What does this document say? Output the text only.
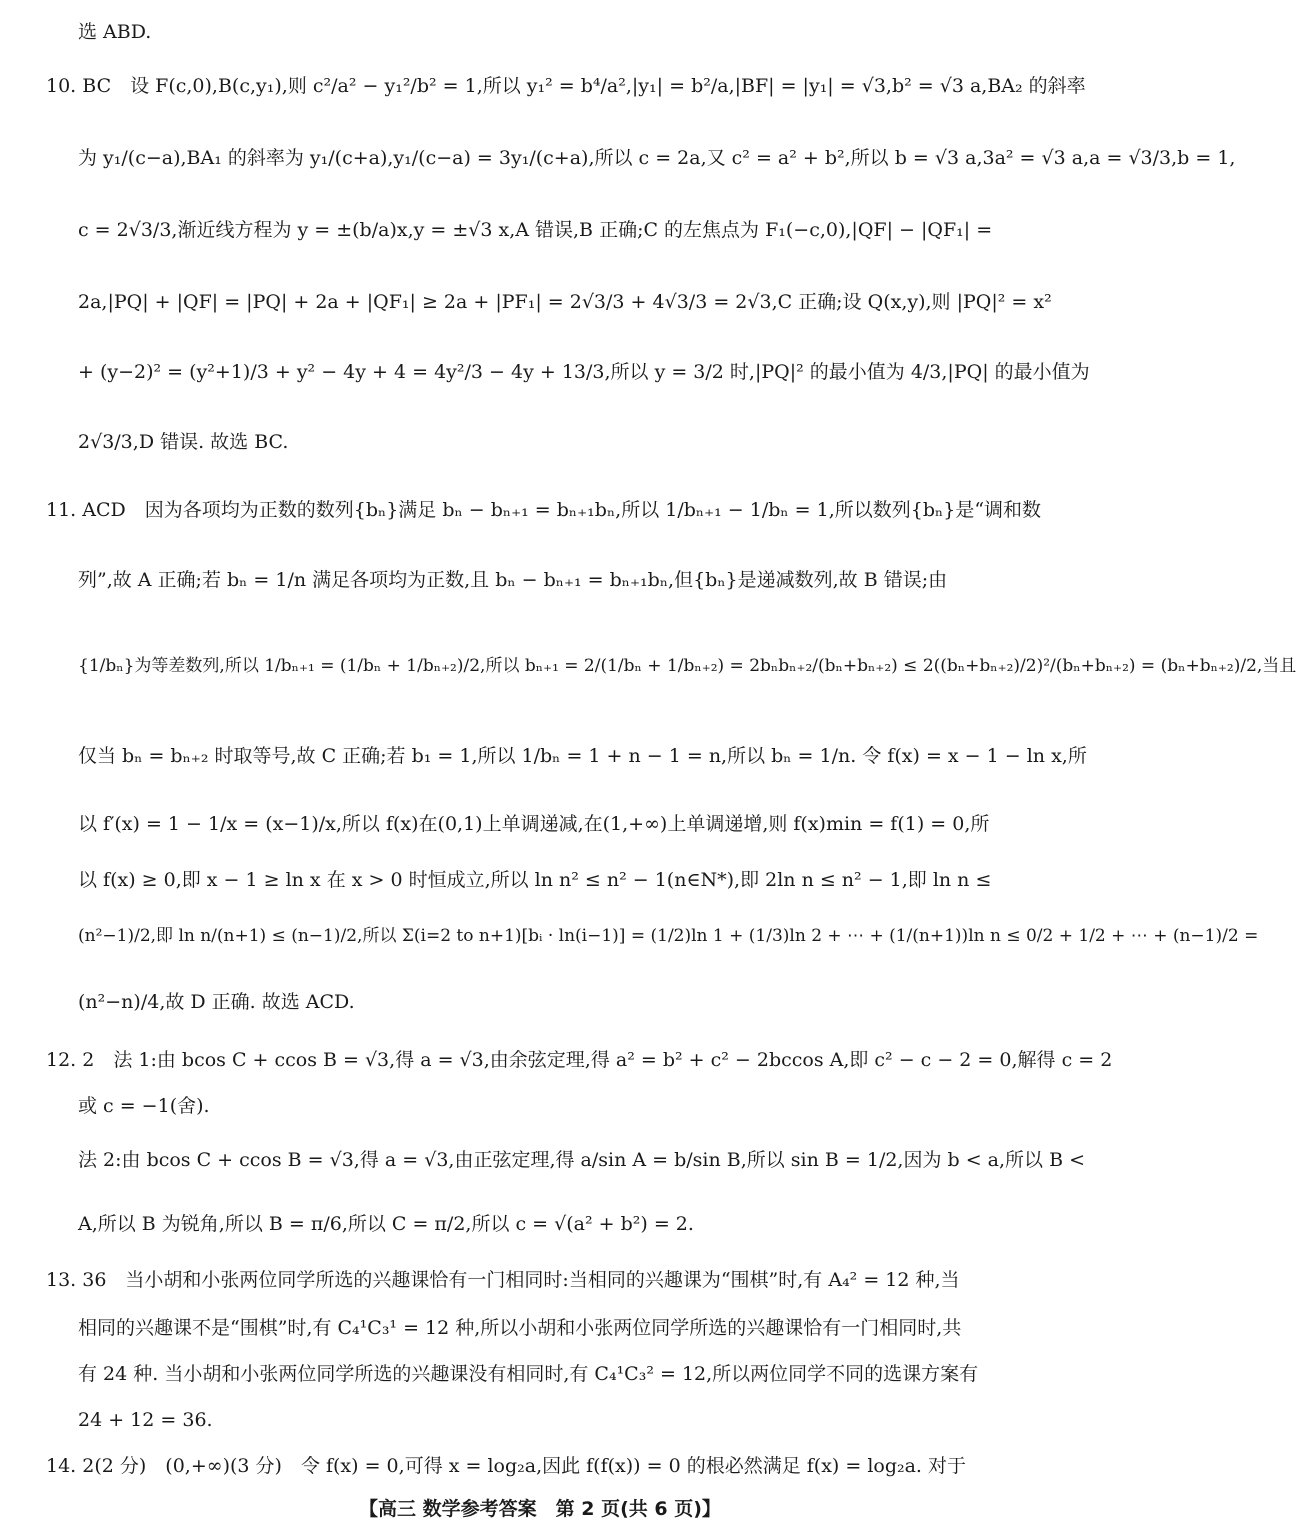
选 ABD.
10. BC　设 F(c,0),B(c,y₁),则 c²/a² − y₁²/b² = 1,所以 y₁² = b⁴/a²,|y₁| = b²/a,|BF| = |y₁| = √3,b² = √3 a,BA₂ 的斜率
为 y₁/(c−a),BA₁ 的斜率为 y₁/(c+a),y₁/(c−a) = 3y₁/(c+a),所以 c = 2a,又 c² = a² + b²,所以 b = √3 a,3a² = √3 a,a = √3/3,b = 1,
c = 2√3/3,渐近线方程为 y = ±(b/a)x,y = ±√3 x,A 错误,B 正确;C 的左焦点为 F₁(−c,0),|QF| − |QF₁| =
2a,|PQ| + |QF| = |PQ| + 2a + |QF₁| ≥ 2a + |PF₁| = 2√3/3 + 4√3/3 = 2√3,C 正确;设 Q(x,y),则 |PQ|² = x²
+ (y−2)² = (y²+1)/3 + y² − 4y + 4 = 4y²/3 − 4y + 13/3,所以 y = 3/2 时,|PQ|² 的最小值为 4/3,|PQ| 的最小值为
2√3/3,D 错误. 故选 BC.
11. ACD　因为各项均为正数的数列{bₙ}满足 bₙ − bₙ₊₁ = bₙ₊₁bₙ,所以 1/bₙ₊₁ − 1/bₙ = 1,所以数列{bₙ}是“调和数
列”,故 A 正确;若 bₙ = 1/n 满足各项均为正数,且 bₙ − bₙ₊₁ = bₙ₊₁bₙ,但{bₙ}是递减数列,故 B 错误;由
{1/bₙ}为等差数列,所以 1/bₙ₊₁ = (1/bₙ + 1/bₙ₊₂)/2,所以 bₙ₊₁ = 2/(1/bₙ + 1/bₙ₊₂) = 2bₙbₙ₊₂/(bₙ+bₙ₊₂) ≤ 2((bₙ+bₙ₊₂)/2)²/(bₙ+bₙ₊₂) = (bₙ+bₙ₊₂)/2,当且
仅当 bₙ = bₙ₊₂ 时取等号,故 C 正确;若 b₁ = 1,所以 1/bₙ = 1 + n − 1 = n,所以 bₙ = 1/n. 令 f(x) = x − 1 − ln x,所
以 f′(x) = 1 − 1/x = (x−1)/x,所以 f(x)在(0,1)上单调递减,在(1,+∞)上单调递增,则 f(x)min = f(1) = 0,所
以 f(x) ≥ 0,即 x − 1 ≥ ln x 在 x > 0 时恒成立,所以 ln n² ≤ n² − 1(n∈N*),即 2ln n ≤ n² − 1,即 ln n ≤
(n²−1)/2,即 ln n/(n+1) ≤ (n−1)/2,所以 Σ(i=2 to n+1)[bᵢ · ln(i−1)] = (1/2)ln 1 + (1/3)ln 2 + ⋯ + (1/(n+1))ln n ≤ 0/2 + 1/2 + ⋯ + (n−1)/2 =
(n²−n)/4,故 D 正确. 故选 ACD.
12. 2　法 1:由 bcos C + ccos B = √3,得 a = √3,由余弦定理,得 a² = b² + c² − 2bccos A,即 c² − c − 2 = 0,解得 c = 2
或 c = −1(舍).
法 2:由 bcos C + ccos B = √3,得 a = √3,由正弦定理,得 a/sin A = b/sin B,所以 sin B = 1/2,因为 b < a,所以 B <
A,所以 B 为锐角,所以 B = π/6,所以 C = π/2,所以 c = √(a² + b²) = 2.
13. 36　当小胡和小张两位同学所选的兴趣课恰有一门相同时:当相同的兴趣课为“围棋”时,有 A₄² = 12 种,当
相同的兴趣课不是“围棋”时,有 C₄¹C₃¹ = 12 种,所以小胡和小张两位同学所选的兴趣课恰有一门相同时,共
有 24 种. 当小胡和小张两位同学所选的兴趣课没有相同时,有 C₄¹C₃² = 12,所以两位同学不同的选课方案有
24 + 12 = 36.
14. 2(2 分)　(0,+∞)(3 分)　令 f(x) = 0,可得 x = log₂a,因此 f(f(x)) = 0 的根必然满足 f(x) = log₂a. 对于
【高三 数学参考答案　第 2 页(共 6 页)】
